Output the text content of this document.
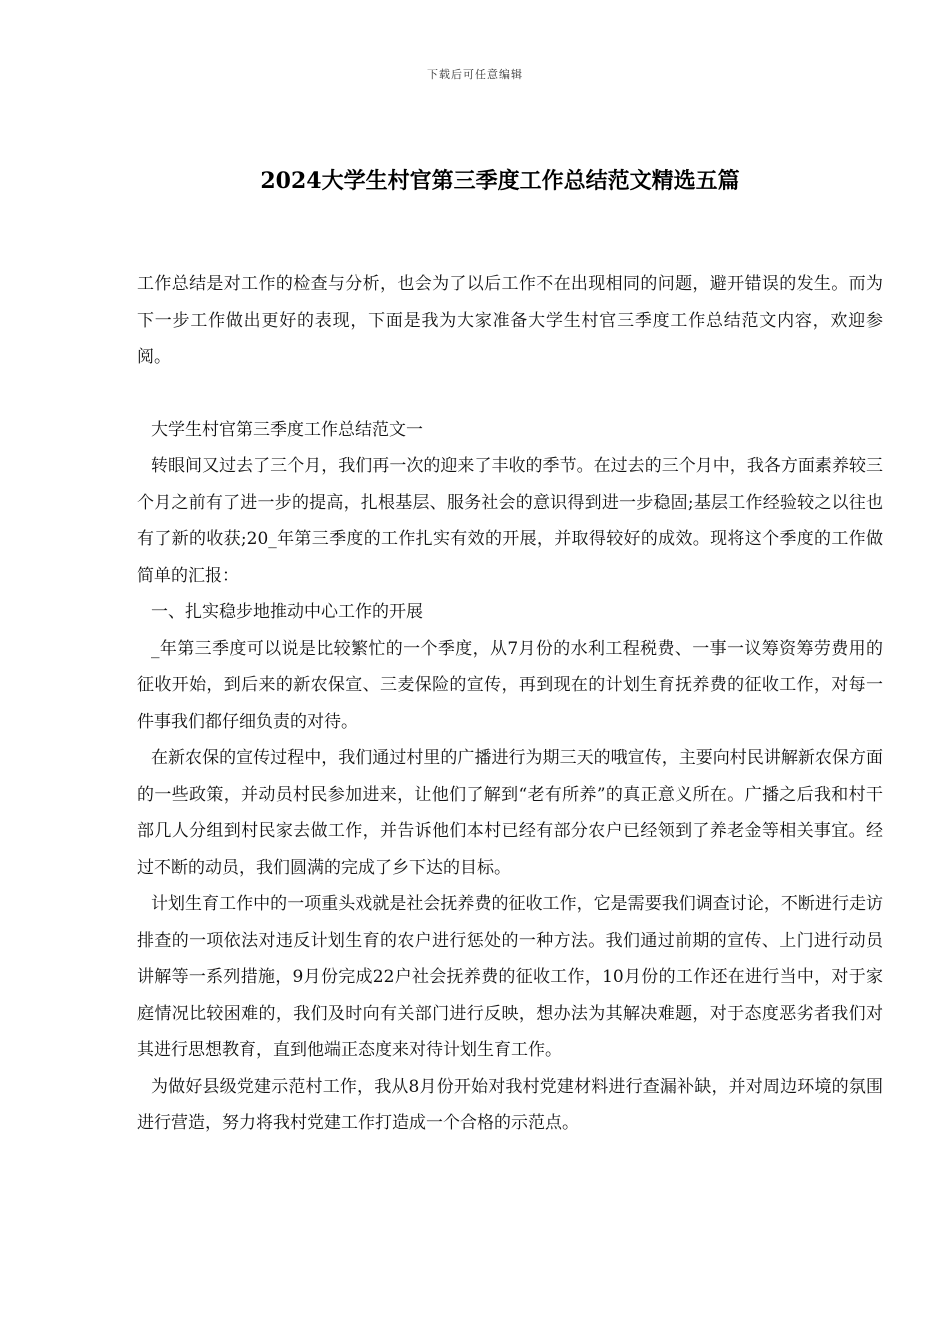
下载后可任意编辑
2024大学生村官第三季度工作总结范文精选五篇

工作总结是对工作的检查与分析，也会为了以后工作不在出现相同的问题，避开错误的发生。而为下一步工作做出更好的表现，下面是我为大家准备大学生村官三季度工作总结范文内容，欢迎参阅。

大学生村官第三季度工作总结范文一

转眼间又过去了三个月，我们再一次的迎来了丰收的季节。在过去的三个月中，我各方面素养较三个月之前有了进一步的提高，扎根基层、服务社会的意识得到进一步稳固;基层工作经验较之以往也有了新的收获;20_年第三季度的工作扎实有效的开展，并取得较好的成效。现将这个季度的工作做简单的汇报：

一、扎实稳步地推动中心工作的开展

_年第三季度可以说是比较繁忙的一个季度，从7月份的水利工程税费、一事一议筹资筹劳费用的征收开始，到后来的新农保宣、三麦保险的宣传，再到现在的计划生育抚养费的征收工作，对每一件事我们都仔细负责的对待。

在新农保的宣传过程中，我们通过村里的广播进行为期三天的哦宣传，主要向村民讲解新农保方面的一些政策，并动员村民参加进来，让他们了解到“老有所养”的真正意义所在。广播之后我和村干部几人分组到村民家去做工作，并告诉他们本村已经有部分农户已经领到了养老金等相关事宜。经过不断的动员，我们圆满的完成了乡下达的目标。

计划生育工作中的一项重头戏就是社会抚养费的征收工作，它是需要我们调查讨论，不断进行走访排查的一项依法对违反计划生育的农户进行惩处的一种方法。我们通过前期的宣传、上门进行动员讲解等一系列措施，9月份完成22户社会抚养费的征收工作，10月份的工作还在进行当中，对于家庭情况比较困难的，我们及时向有关部门进行反映，想办法为其解决难题，对于态度恶劣者我们对其进行思想教育，直到他端正态度来对待计划生育工作。

为做好县级党建示范村工作，我从8月份开始对我村党建材料进行查漏补缺，并对周边环境的氛围进行营造，努力将我村党建工作打造成一个合格的示范点。
